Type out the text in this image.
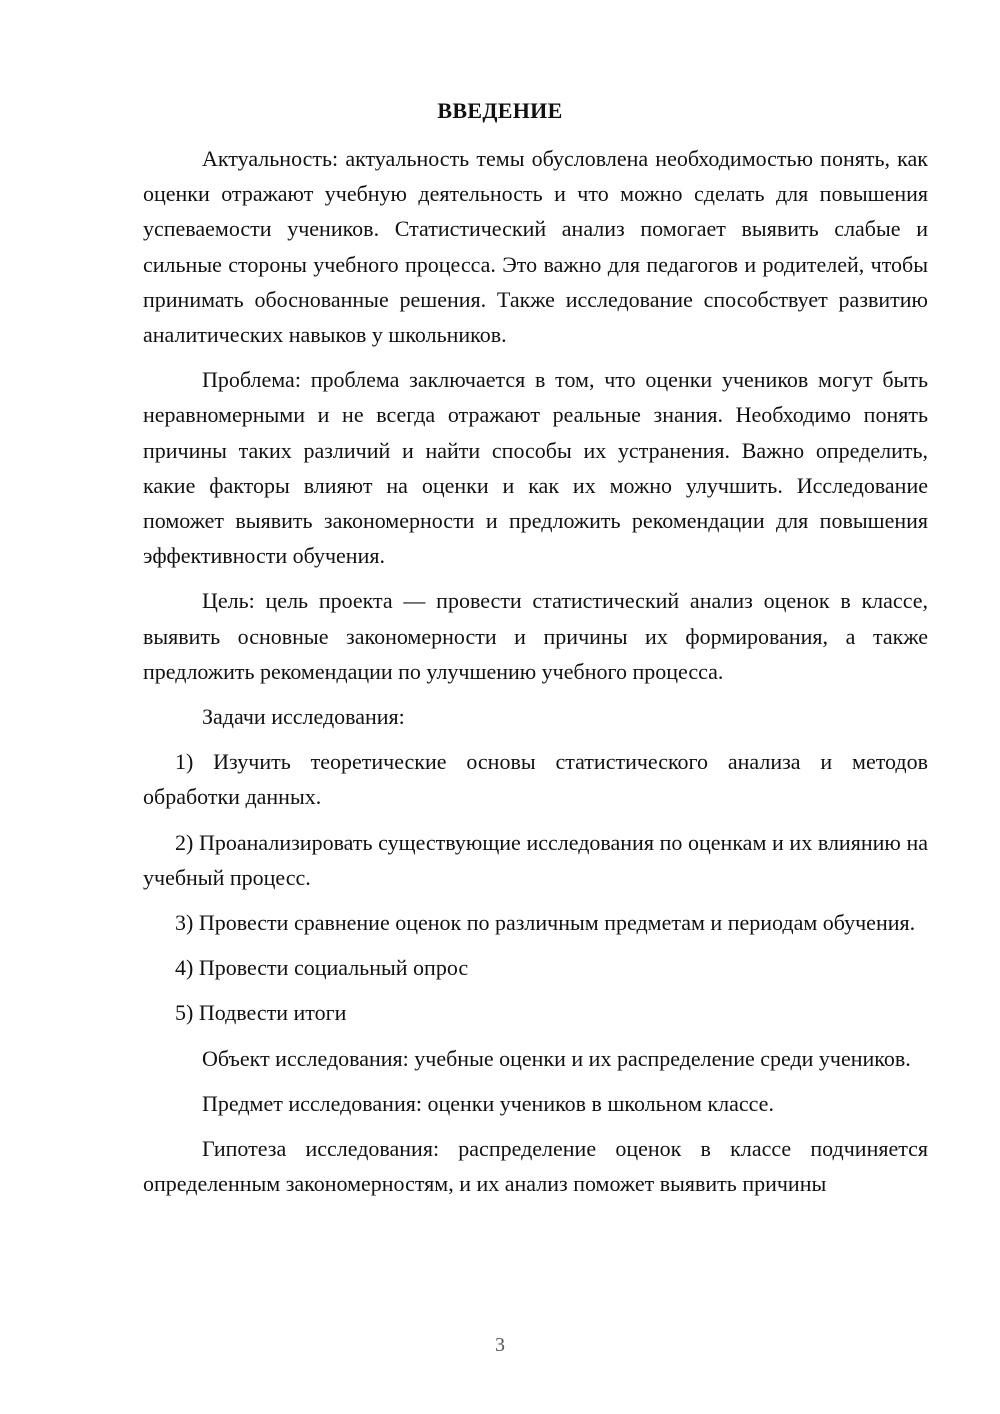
ВВЕДЕНИЕ

Актуальность: актуальность темы обусловлена необходимостью понять, как оценки отражают учебную деятельность и что можно сделать для повышения успеваемости учеников. Статистический анализ помогает выявить слабые и сильные стороны учебного процесса. Это важно для педагогов и родителей, чтобы принимать обоснованные решения. Также исследование способствует развитию аналитических навыков у школьников.

Проблема: проблема заключается в том, что оценки учеников могут быть неравномерными и не всегда отражают реальные знания. Необходимо понять причины таких различий и найти способы их устранения. Важно определить, какие факторы влияют на оценки и как их можно улучшить. Исследование поможет выявить закономерности и предложить рекомендации для повышения эффективности обучения.

Цель: цель проекта — провести статистический анализ оценок в классе, выявить основные закономерности и причины их формирования, а также предложить рекомендации по улучшению учебного процесса.

Задачи исследования:

1) Изучить теоретические основы статистического анализа и методов обработки данных.

2) Проанализировать существующие исследования по оценкам и их влиянию на учебный процесс.

3) Провести сравнение оценок по различным предметам и периодам обучения.

4) Провести социальный опрос

5) Подвести итоги

Объект исследования: учебные оценки и их распределение среди учеников.

Предмет исследования: оценки учеников в школьном классе.

Гипотеза исследования: распределение оценок в классе подчиняется определенным закономерностям, и их анализ поможет выявить причины

3
